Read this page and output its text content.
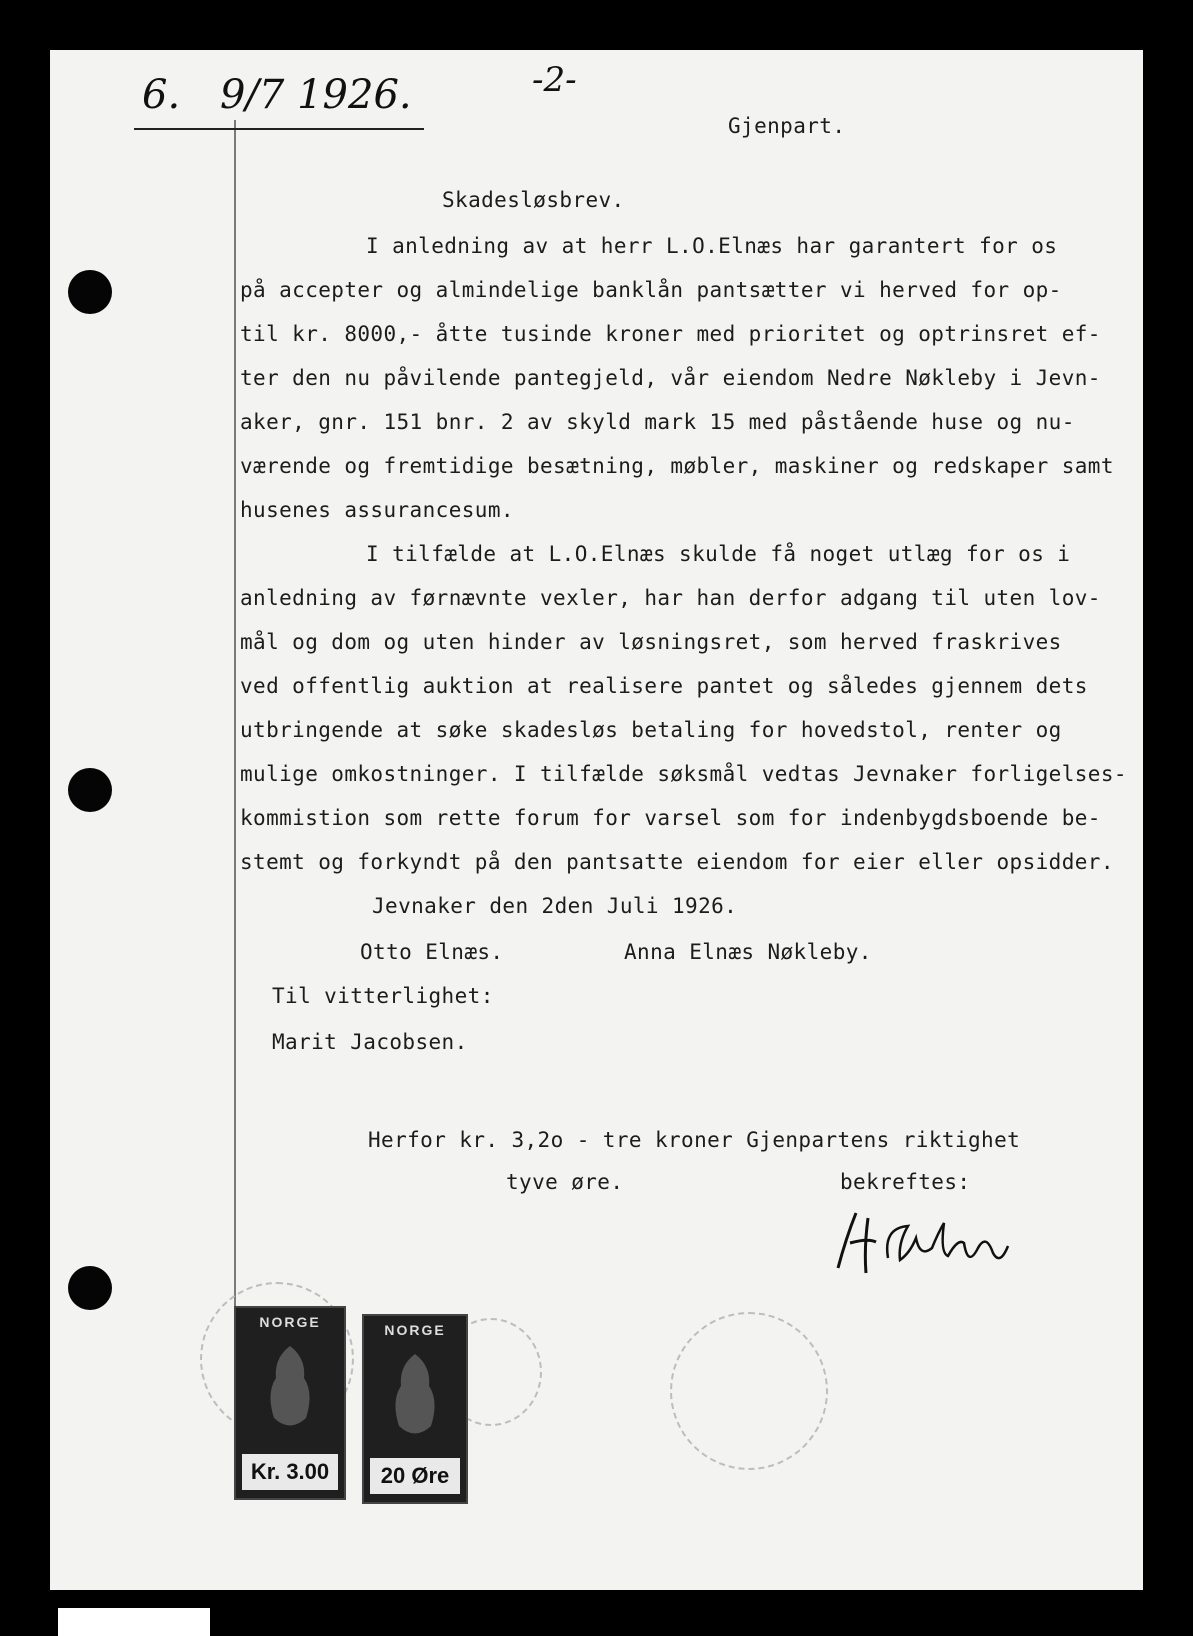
6. 9/7 1926.	-2-
Gjenpart.
Skadesløsbrev.
I anledning av at herr L.O.Elnæs har garantert for os
på accepter og almindelige banklån pantsætter vi herved for op-
til kr. 8000,- åtte tusinde kroner med prioritet og optrinsret ef-
ter den nu påvilende pantegjeld, vår eiendom Nedre Nøkleby i Jevn-
aker, gnr. 151 bnr. 2 av skyld mark 15 med påstående huse og nu-
værende og fremtidige besætning, møbler, maskiner og redskaper samt
husenes assurancesum.
I tilfælde at L.O.Elnæs skulde få noget utlæg for os i
anledning av førnævnte vexler, har han derfor adgang til uten lov-
mål og dom og uten hinder av løsningsret, som herved fraskrives
ved offentlig auktion at realisere pantet og således gjennem dets
utbringende at søke skadesløs betaling for hovedstol, renter og
mulige omkostninger. I tilfælde søksmål vedtas Jevnaker forligelses-
kommistion som rette forum for varsel som for indenbygdsboende be-
stemt og forkyndt på den pantsatte eiendom for eier eller opsidder.
Jevnaker den 2den Juli 1926.
Otto Elnæs.	Anna Elnæs Nøkleby.
Til vitterlighet:
Marit Jacobsen.
Herfor kr. 3,2o - tre kroner Gjenpartens riktighet
tyve øre.	bekreftes:
NORGE
Kr. 3.00
NORGE
20 Øre
